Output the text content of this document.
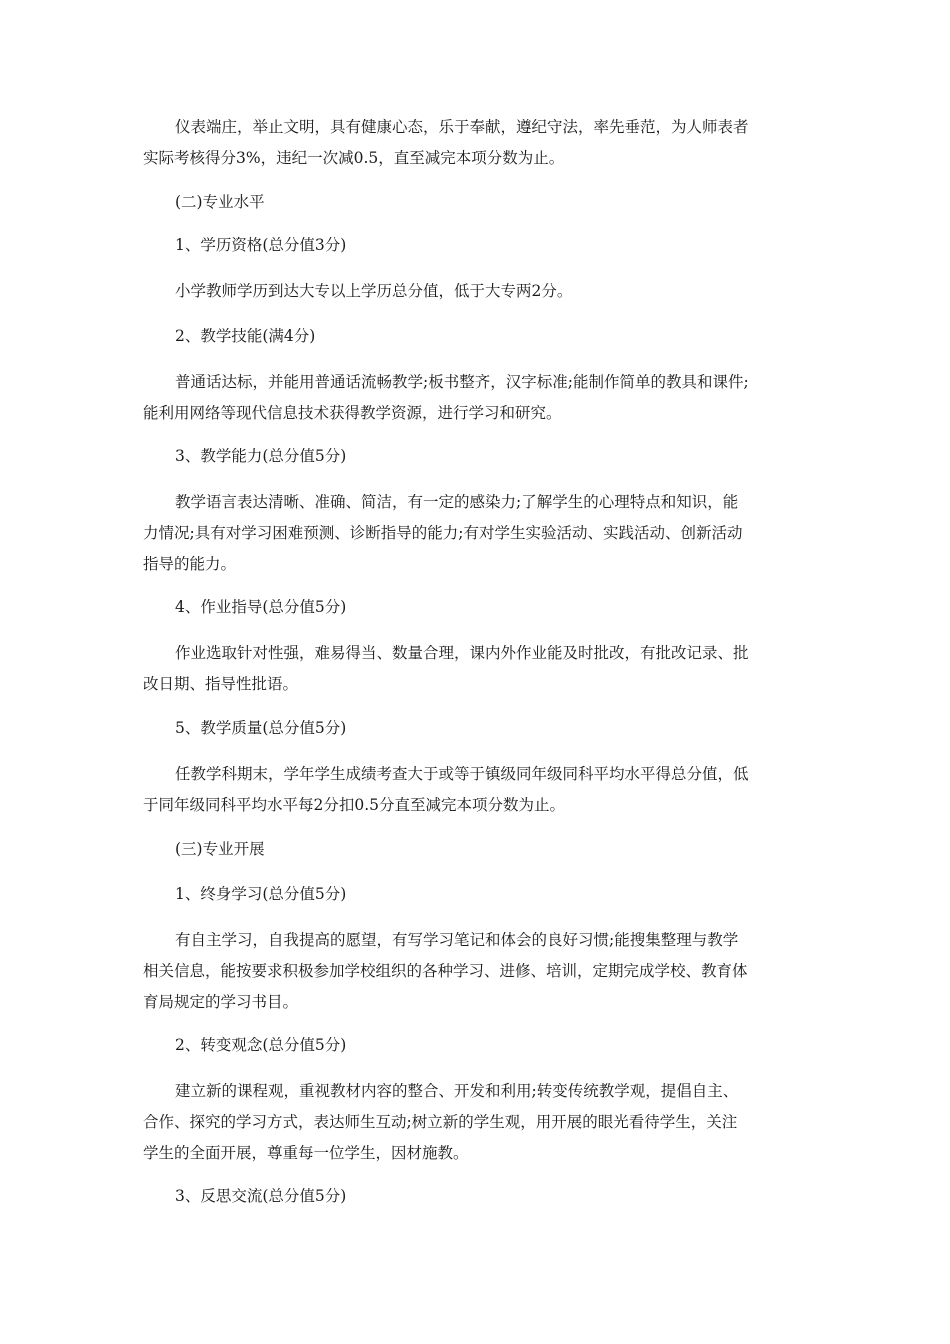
仪表端庄，举止文明，具有健康心态，乐于奉献，遵纪守法，率先垂范，为人师表者
实际考核得分3%，违纪一次减0.5，直至减完本项分数为止。
(二)专业水平
1、学历资格(总分值3分)
小学教师学历到达大专以上学历总分值，低于大专两2分。
2、教学技能(满4分)
普通话达标，并能用普通话流畅教学;板书整齐，汉字标准;能制作简单的教具和课件;
能利用网络等现代信息技术获得教学资源，进行学习和研究。
3、教学能力(总分值5分)
教学语言表达清晰、准确、简洁，有一定的感染力;了解学生的心理特点和知识，能
力情况;具有对学习困难预测、诊断指导的能力;有对学生实验活动、实践活动、创新活动
指导的能力。
4、作业指导(总分值5分)
作业选取针对性强，难易得当、数量合理，课内外作业能及时批改，有批改记录、批
改日期、指导性批语。
5、教学质量(总分值5分)
任教学科期末，学年学生成绩考查大于或等于镇级同年级同科平均水平得总分值，低
于同年级同科平均水平每2分扣0.5分直至减完本项分数为止。
(三)专业开展
1、终身学习(总分值5分)
有自主学习，自我提高的愿望，有写学习笔记和体会的良好习惯;能搜集整理与教学
相关信息，能按要求积极参加学校组织的各种学习、进修、培训，定期完成学校、教育体
育局规定的学习书目。
2、转变观念(总分值5分)
建立新的课程观，重视教材内容的整合、开发和利用;转变传统教学观，提倡自主、
合作、探究的学习方式，表达师生互动;树立新的学生观，用开展的眼光看待学生，关注
学生的全面开展，尊重每一位学生，因材施教。
3、反思交流(总分值5分)
